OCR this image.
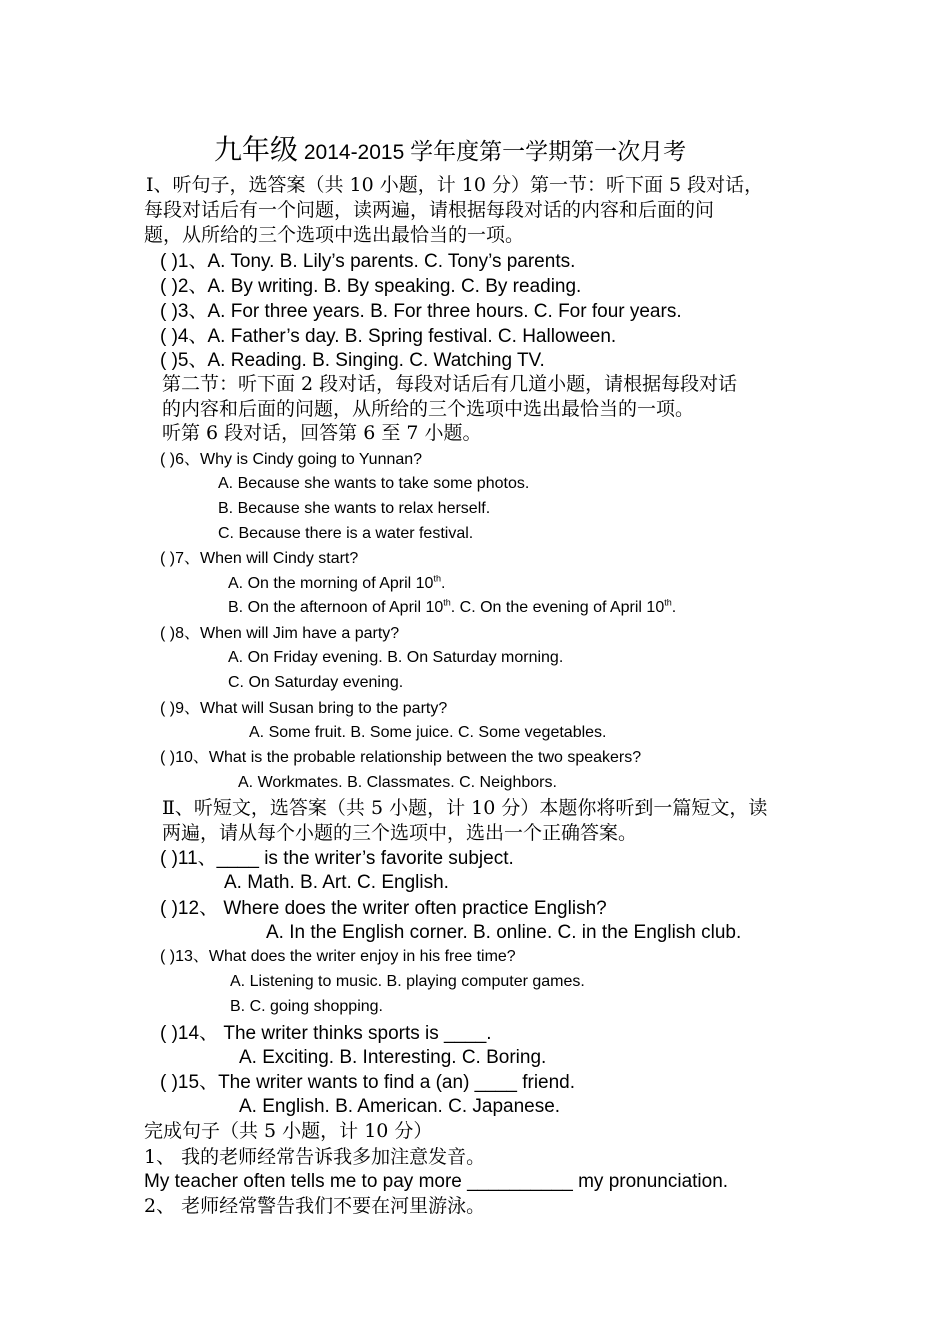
九年级 2014-2015 学年度第一学期第一次月考
Ⅰ、听句子，选答案（共 10 小题，计 10 分）第一节：听下面 5 段对话，
每段对话后有一个问题，读两遍，请根据每段对话的内容和后面的问
题，从所给的三个选项中选出最恰当的一项。
( )1、A. Tony. B. Lily’s parents. C. Tony’s parents.
( )2、A. By writing. B. By speaking. C. By reading.
( )3、A. For three years. B. For three hours. C. For four years.
( )4、A. Father’s day. B. Spring festival. C. Halloween.
( )5、A. Reading. B. Singing. C. Watching TV.
第二节：听下面 2 段对话，每段对话后有几道小题，请根据每段对话
的内容和后面的问题，从所给的三个选项中选出最恰当的一项。
听第 6 段对话，回答第 6 至 7 小题。
( )6、Why is Cindy going to Yunnan?
A. Because she wants to take some photos.
B. Because she wants to relax herself.
C. Because there is a water festival.
( )7、When will Cindy start?
A. On the morning of April 10th.
B. On the afternoon of April 10th. C. On the evening of April 10th.
( )8、When will Jim have a party?
A. On Friday evening. B. On Saturday morning.
C. On Saturday evening.
( )9、What will Susan bring to the party?
A. Some fruit. B. Some juice. C. Some vegetables.
( )10、What is the probable relationship between the two speakers?
A. Workmates. B. Classmates. C. Neighbors.
Ⅱ、听短文，选答案（共 5 小题，计 10 分）本题你将听到一篇短文，读
两遍，请从每个小题的三个选项中，选出一个正确答案。
( )11、____ is the writer’s favorite subject.
A. Math. B. Art. C. English.
( )12、 Where does the writer often practice English?
A. In the English corner. B. online. C. in the English club.
( )13、What does the writer enjoy in his free time?
A. Listening to music. B. playing computer games.
B. C. going shopping.
( )14、 The writer thinks sports is ____.
A. Exciting. B. Interesting. C. Boring.
( )15、The writer wants to find a (an) ____ friend.
A. English. B. American. C. Japanese.
完成句子（共 5 小题，计 10 分）
1、 我的老师经常告诉我多加注意发音。
My teacher often tells me to pay more __________ my pronunciation.
2、 老师经常警告我们不要在河里游泳。
